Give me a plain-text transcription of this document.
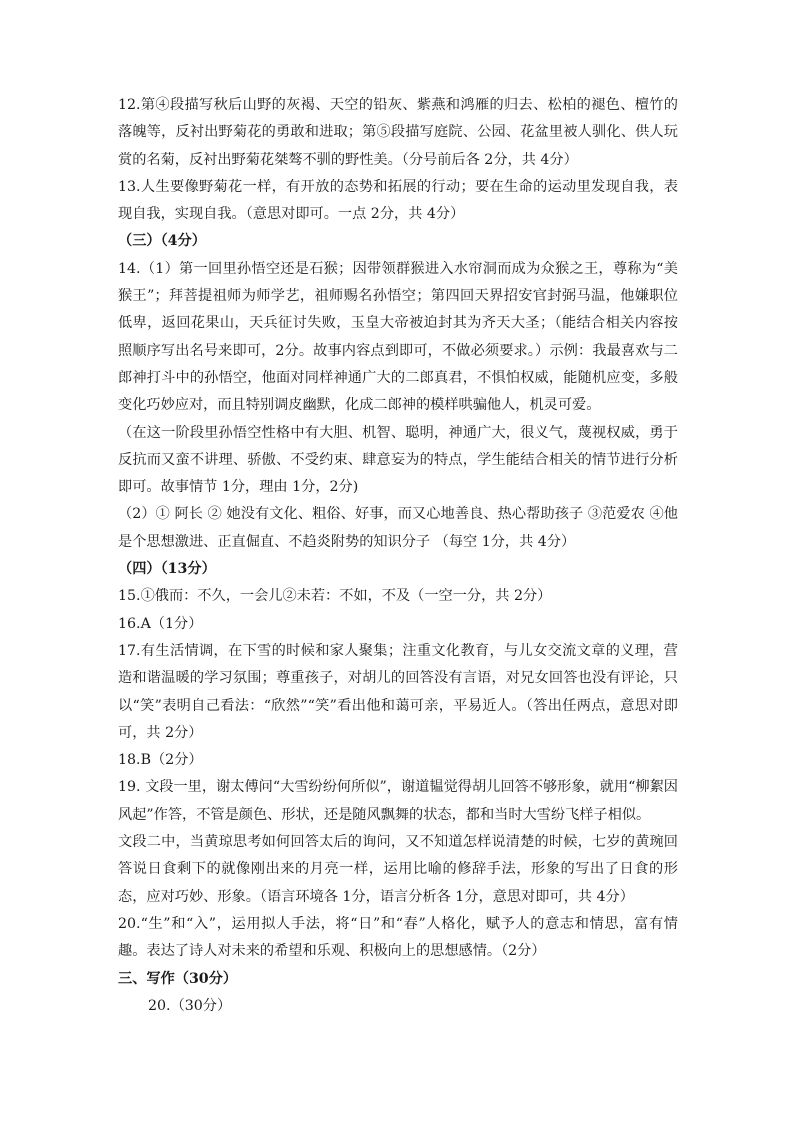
12.第④段描写秋后山野的灰褐、天空的铅灰、紫燕和鸿雁的归去、松柏的褪色、檀竹的落魄等，反衬出野菊花的勇敢和进取；第⑤段描写庭院、公园、花盆里被人驯化、供人玩赏的名菊，反衬出野菊花桀骜不驯的野性美。（分号前后各 2分，共 4分）

13.人生要像野菊花一样，有开放的态势和拓展的行动；要在生命的运动里发现自我，表现自我，实现自我。（意思对即可。一点 2分，共 4分）

（三）（4分）

14.（1）第一回里孙悟空还是石猴；因带领群猴进入水帘洞而成为众猴之王，尊称为“美猴王”；拜菩提祖师为师学艺，祖师赐名孙悟空；第四回天界招安官封弼马温，他嫌职位低卑，返回花果山，天兵征讨失败，玉皇大帝被迫封其为齐天大圣；（能结合相关内容按照顺序写出名号来即可，2分。故事内容点到即可，不做必须要求。）示例：我最喜欢与二郎神打斗中的孙悟空，他面对同样神通广大的二郎真君，不惧怕权威，能随机应变，多般变化巧妙应对，而且特别调皮幽默，化成二郎神的模样哄骗他人，机灵可爱。

（在这一阶段里孙悟空性格中有大胆、机智、聪明，神通广大，很义气，蔑视权威，勇于反抗而又蛮不讲理、骄傲、不受约束、肆意妄为的特点，学生能结合相关的情节进行分析即可。故事情节 1分，理由 1分，2分)

（2）① 阿长 ② 她没有文化、粗俗、好事，而又心地善良、热心帮助孩子 ③范爱农 ④他是个思想激进、正直倔直、不趋炎附势的知识分子 （每空 1分，共 4分）

（四）（13分）

15.①俄而：不久，一会儿②未若：不如，不及（一空一分，共 2分）

16.A（1分）

17.有生活情调，在下雪的时候和家人聚集；注重文化教育，与儿女交流文章的义理，营造和谐温暖的学习氛围；尊重孩子，对胡儿的回答没有言语，对兄女回答也没有评论，只以“笑”表明自己看法：“欣然”“笑”看出他和蔼可亲，平易近人。（答出任两点，意思对即可，共 2分）

18.B（2分）

19. 文段一里，谢太傅问“大雪纷纷何所似”，谢道韫觉得胡儿回答不够形象，就用“柳絮因风起”作答，不管是颜色、形状，还是随风飘舞的状态，都和当时大雪纷飞样子相似。

文段二中，当黄琼思考如何回答太后的询问，又不知道怎样说清楚的时候，七岁的黄琬回答说日食剩下的就像刚出来的月亮一样，运用比喻的修辞手法，形象的写出了日食的形态，应对巧妙、形象。（语言环境各 1分，语言分析各 1分，意思对即可，共 4分）

20.“生”和“入”，运用拟人手法，将“日”和“春”人格化，赋予人的意志和情思，富有情趣。表达了诗人对未来的希望和乐观、积极向上的思想感情。（2分）

三、写作（30分）

20.（30分）
